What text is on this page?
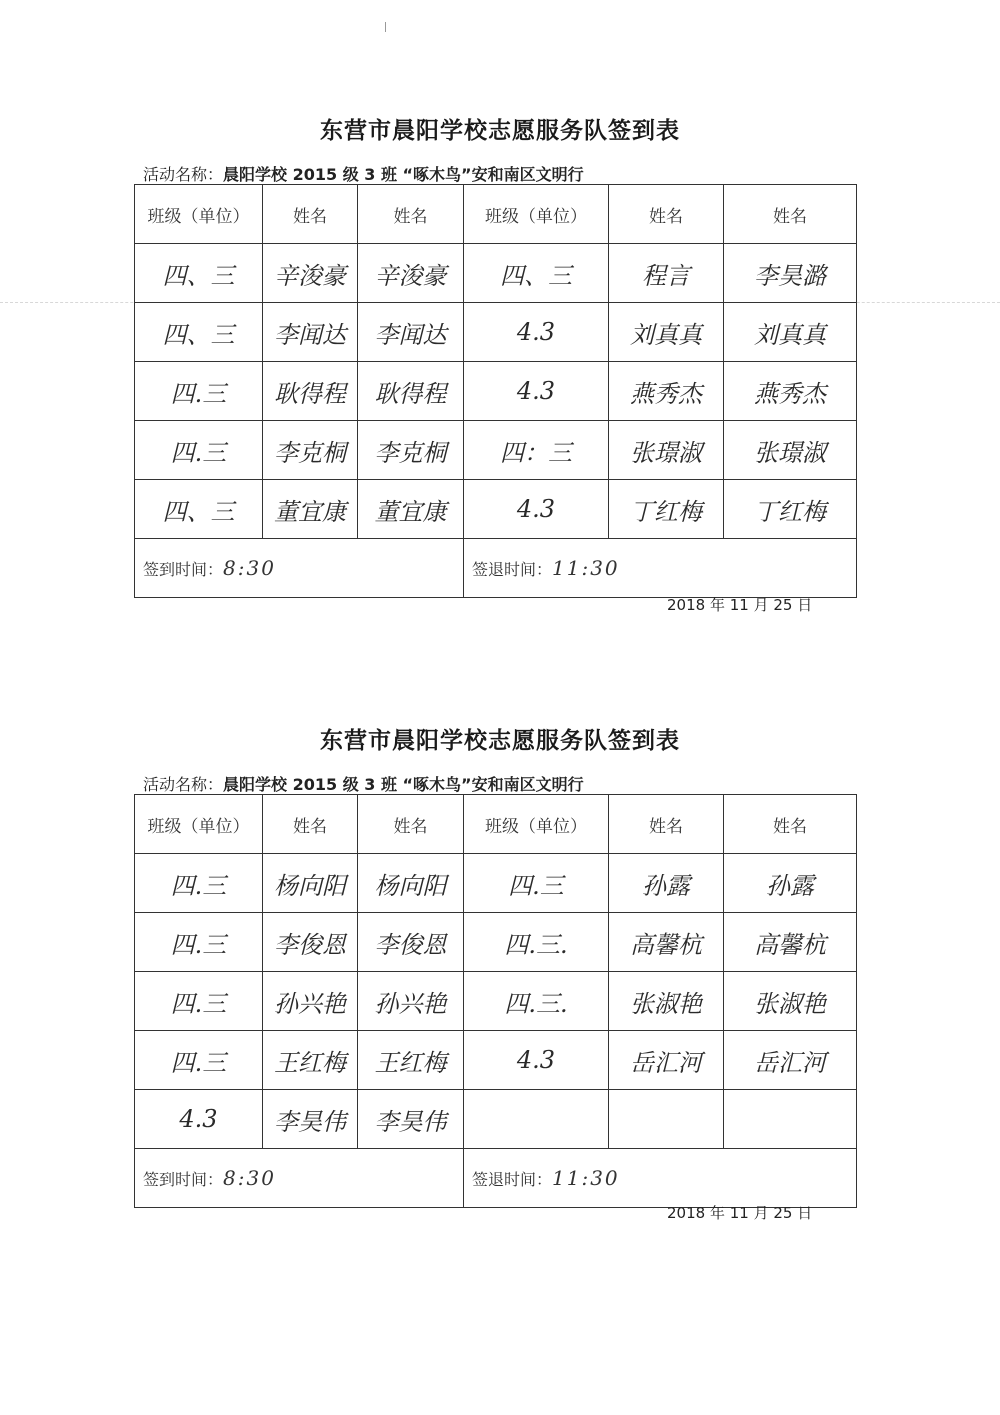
东营市晨阳学校志愿服务队签到表
活动名称：晨阳学校 2015 级 3 班 “啄木鸟”安和南区文明行
班级（单位）	姓名	姓名	班级（单位）	姓名	姓名
四、三	辛浚豪	辛浚豪	四、三	程言	李昊潞
四、三	李闻达	李闻达	4.3	刘真真	刘真真
四.三	耿得程	耿得程	4.3	燕秀杰	燕秀杰
四.三	李克桐	李克桐	四：三	张璟淑	张璟淑
四、三	董宜康	董宜康	4.3	丁红梅	丁红梅
签到时间：8:30			签退时间：11:30		
2018 年 11 月 25 日
东营市晨阳学校志愿服务队签到表
活动名称：晨阳学校 2015 级 3 班 “啄木鸟”安和南区文明行
班级（单位）	姓名	姓名	班级（单位）	姓名	姓名
四.三	杨向阳	杨向阳	四.三	孙露	孙露
四.三	李俊恩	李俊恩	四.三.	高馨杭	高馨杭
四.三	孙兴艳	孙兴艳	四.三.	张淑艳	张淑艳
四.三	王红梅	王红梅	4.3	岳汇河	岳汇河
4.3	李昊伟	李昊伟			
签到时间：8:30			签退时间：11:30		
2018 年 11 月 25 日
